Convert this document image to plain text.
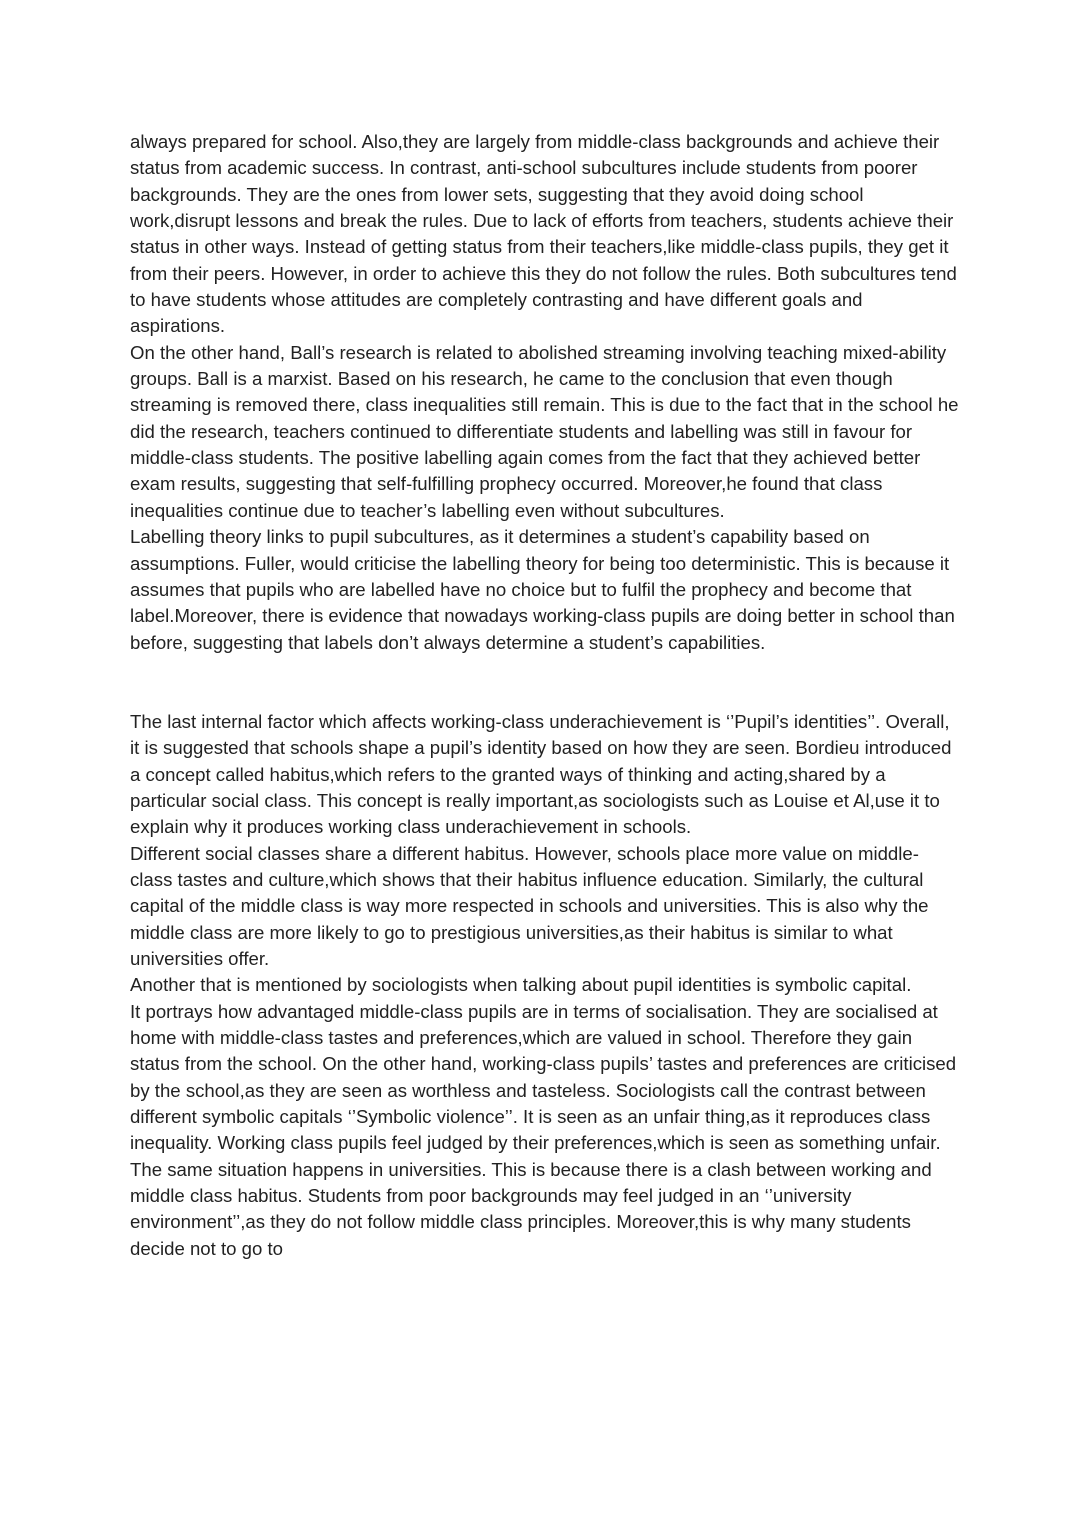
always prepared for school. Also,they are largely from middle-class backgrounds and achieve their status from academic success. In contrast, anti-school subcultures include students from poorer backgrounds. They are the ones from lower sets, suggesting that they avoid doing school work,disrupt lessons and break the rules. Due to lack of efforts from teachers, students achieve their status in other ways. Instead of getting status from their teachers,like middle-class pupils, they get it from their peers. However, in order to achieve this they do not follow the rules. Both subcultures tend to have students whose attitudes are completely contrasting and have different goals and aspirations.

On the other hand, Ball’s research is related to abolished streaming involving teaching mixed-ability groups. Ball is a marxist. Based on his research, he came to the conclusion that even though streaming is removed there, class inequalities still remain. This is due to the fact that in the school he did the research, teachers continued to differentiate students and labelling was still in favour for middle-class students. The positive labelling again comes from the fact that they achieved better exam results, suggesting that self-fulfilling prophecy occurred. Moreover,he found that class inequalities continue due to teacher’s labelling even without subcultures.

Labelling theory links to pupil subcultures, as it determines a student’s capability based on assumptions. Fuller, would criticise the labelling theory for being too deterministic. This is because it assumes that pupils who are labelled have no choice but to fulfil the prophecy and become that label.Moreover, there is evidence that nowadays working-class pupils are doing better in school than before, suggesting that labels don’t always determine a student’s capabilities.

The last internal factor which affects working-class underachievement is ‘’Pupil’s identities’’. Overall, it is suggested that schools shape a pupil’s identity based on how they are seen. Bordieu introduced a concept called habitus,which refers to the granted ways of thinking and acting,shared by a particular social class. This concept is really important,as sociologists such as Louise et Al,use it to explain why it produces working class underachievement in schools.

Different social classes share a different habitus. However, schools place more value on middle-class tastes and culture,which shows that their habitus influence education. Similarly, the cultural capital of the middle class is way more respected in schools and universities. This is also why the middle class are more likely to go to prestigious universities,as their habitus is similar to what universities offer.

Another that is mentioned by sociologists when talking about pupil identities is symbolic capital.

It portrays how advantaged middle-class pupils are in terms of socialisation. They are socialised at home with middle-class tastes and preferences,which are valued in school. Therefore they gain status from the school. On the other hand, working-class pupils’ tastes and preferences are criticised by the school,as they are seen as worthless and tasteless. Sociologists call the contrast between different symbolic capitals ‘’Symbolic violence’’. It is seen as an unfair thing,as it reproduces class inequality. Working class pupils feel judged by their preferences,which is seen as something unfair. The same situation happens in universities. This is because there is a clash between working and middle class habitus. Students from poor backgrounds may feel judged in an ‘’university environment’’,as they do not follow middle class principles. Moreover,this is why many students decide not to go to
